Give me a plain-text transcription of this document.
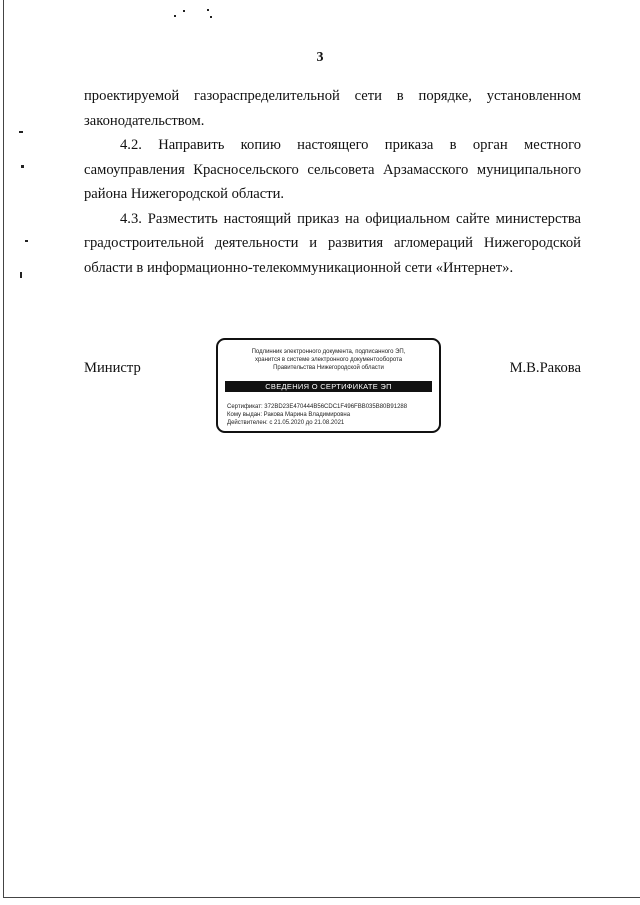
3

проектируемой газораспределительной сети в порядке, установленном законодательством.

4.2. Направить копию настоящего приказа в орган местного самоуправления Красносельского сельсовета Арзамасского муниципального района Нижегородской области.

4.3. Разместить настоящий приказ на официальном сайте министерства градостроительной деятельности и развития агломераций Нижегородской области в информационно-телекоммуникационной сети «Интернет».

Министр
Подлинник электронного документа, подписанного ЭП,
хранится в системе электронного документооборота
Правительства Нижегородской области
СВЕДЕНИЯ О СЕРТИФИКАТЕ ЭП
Сертификат: 372BD23E470444B56CDC1F496FBB035B80B91288
Кому выдан: Ракова Марина Владимировна
Действителен: с 21.05.2020 до 21.08.2021
М.В.Ракова
